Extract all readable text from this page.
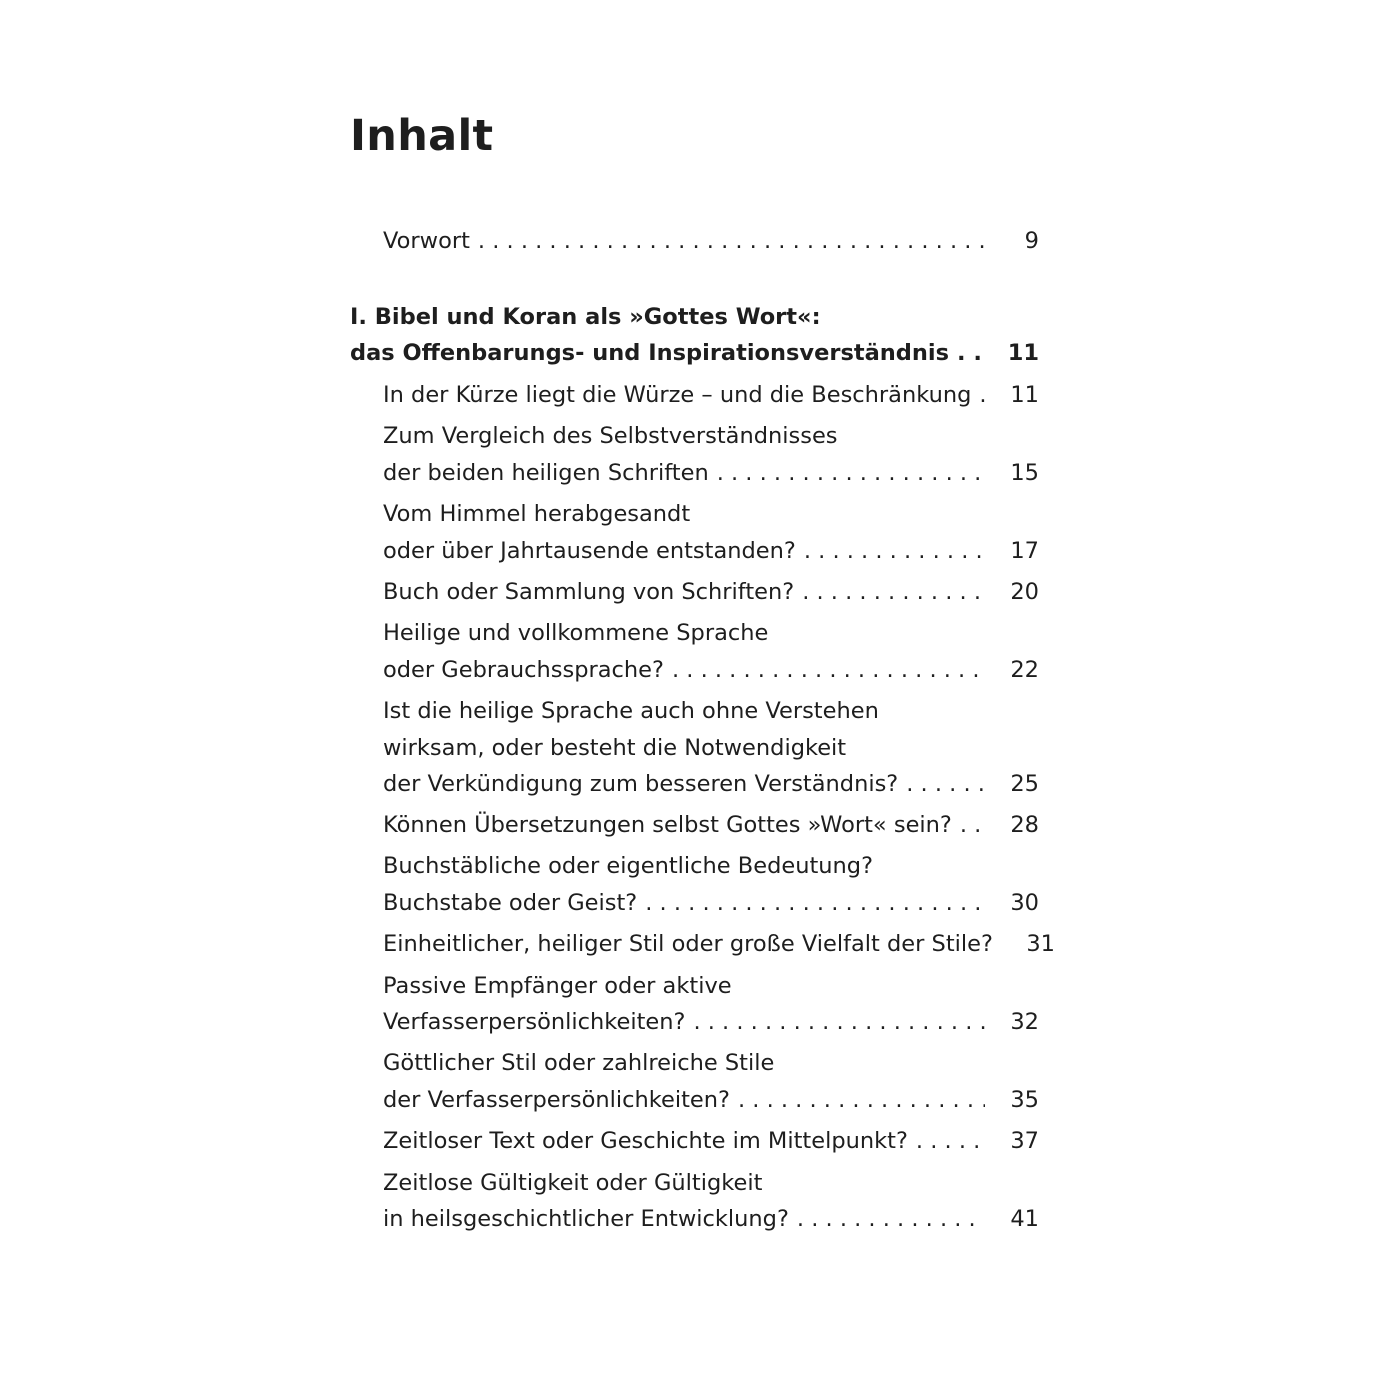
Inhalt
Vorwort . . .	9
I. Bibel und Koran als »Gottes Wort«:
das Offenbarungs- und Inspirationsverständnis . . .	11
In der Kürze liegt die Würze – und die Beschränkung . . .	11
Zum Vergleich des Selbstverständnisses
der beiden heiligen Schriften . . .	15
Vom Himmel herabgesandt
oder über Jahrtausende entstanden? . . .	17
Buch oder Sammlung von Schriften? . . .	20
Heilige und vollkommene Sprache
oder Gebrauchssprache? . . .	22
Ist die heilige Sprache auch ohne Verstehen
wirksam, oder besteht die Notwendigkeit
der Verkündigung zum besseren Verständnis? . . .	25
Können Übersetzungen selbst Gottes »Wort« sein? . . .	28
Buchstäbliche oder eigentliche Bedeutung?
Buchstabe oder Geist? . . .	30
Einheitlicher, heiliger Stil oder große Vielfalt der Stile?	31
Passive Empfänger oder aktive
Verfasserpersönlichkeiten? . . .	32
Göttlicher Stil oder zahlreiche Stile
der Verfasserpersönlichkeiten? . . .	35
Zeitloser Text oder Geschichte im Mittelpunkt? . . .	37
Zeitlose Gültigkeit oder Gültigkeit
in heilsgeschichtlicher Entwicklung? . . .	41
